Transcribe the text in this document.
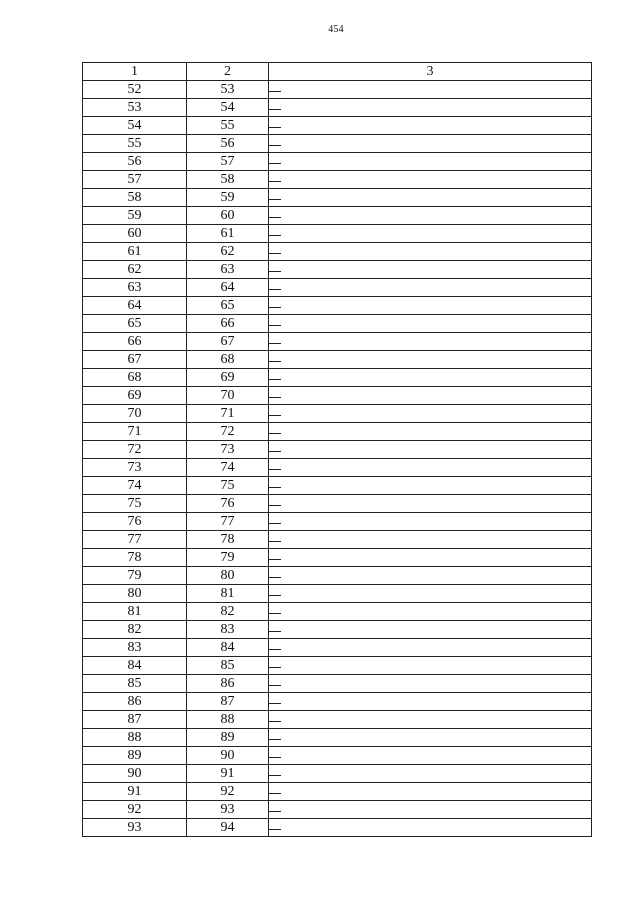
454
1	2	3
52	53	
53	54	
54	55	
55	56	
56	57	
57	58	
58	59	
59	60	
60	61	
61	62	
62	63	
63	64	
64	65	
65	66	
66	67	
67	68	
68	69	
69	70	
70	71	
71	72	
72	73	
73	74	
74	75	
75	76	
76	77	
77	78	
78	79	
79	80	
80	81	
81	82	
82	83	
83	84	
84	85	
85	86	
86	87	
87	88	
88	89	
89	90	
90	91	
91	92	
92	93	
93	94	
